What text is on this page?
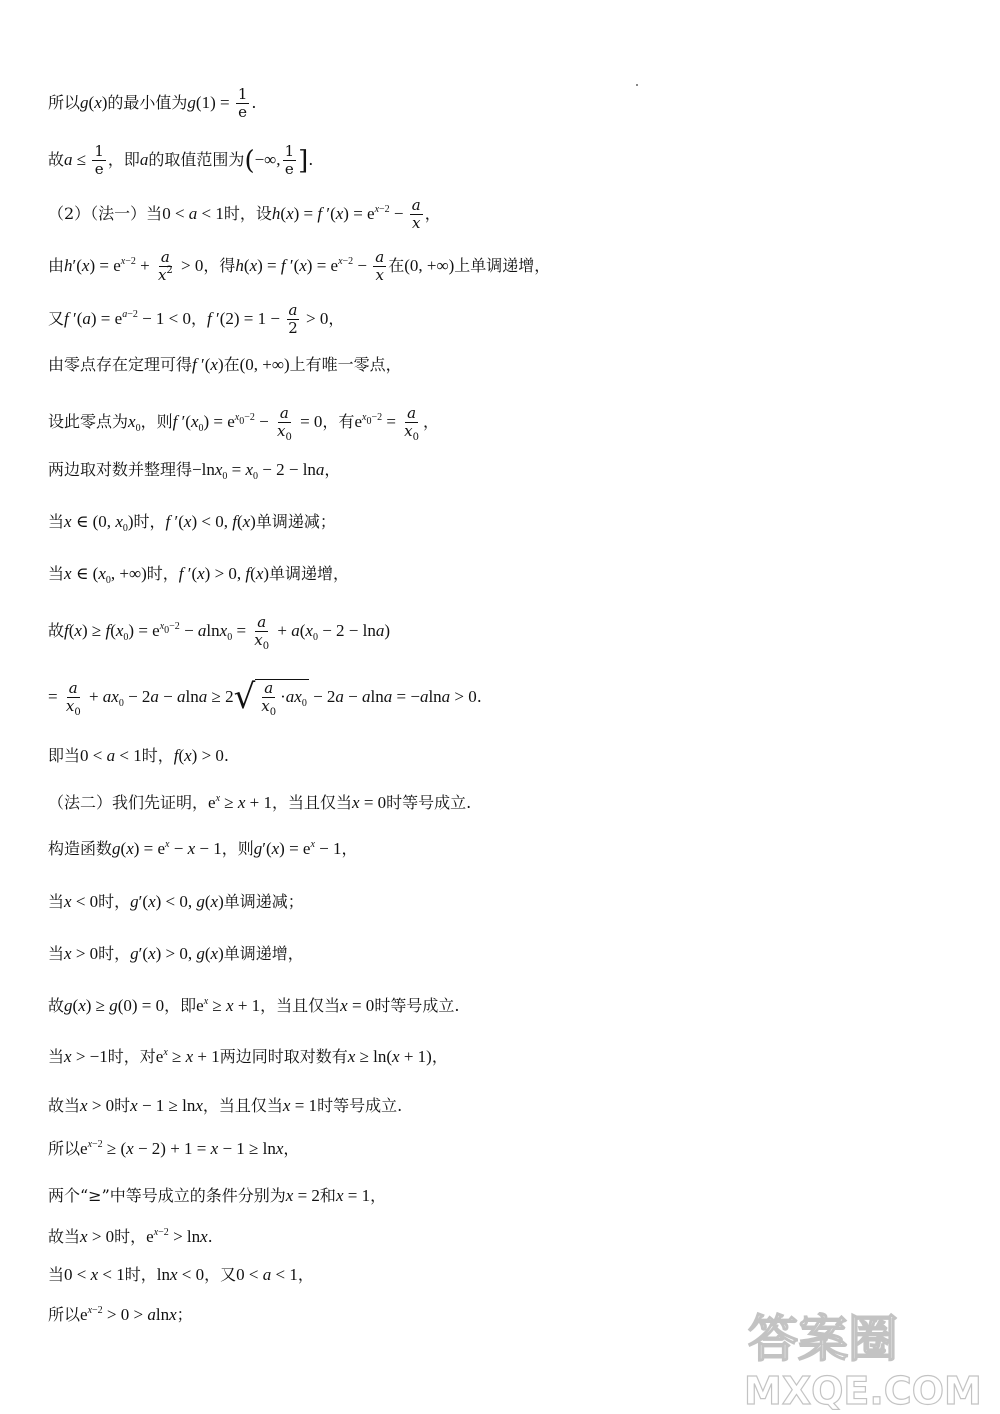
所以g(x)的最小值为$g(1) = \frac{1}{e}$ .
故$a \le \frac{1}{e}$ ，即a的取值范围为(−∞, $\frac{1}{e}$ ].
（2）（法一）当0 < a < 1时，设h(x) = f $'(x) = e^{x-2} - \frac{a}{x}$ ，
由$h'(x) = e^{x-2} + \frac{a}{x^2} > 0$，得h(x) = f $'(x) = e^{x-2} - \frac{a}{x}$ 在(0, +∞)上单调递增，
又f $'(a) = e^{a-2} - 1 < 0$，f $'(2) = 1 - \frac{a}{2} > 0$，
由零点存在定理可得f ′(x)在(0, +∞)上有唯一零点，
设此零点为$x_0$，则f $'(x_0) = e^{x_0-2} - \frac{a}{x_0} = 0$，有$e^{x_0-2} = \frac{a}{x_0}$ ，
两边取对数并整理得$-\ln x_0 = x_0 - 2 - \ln a$，
当x ∈ (0, $x_0$)时，f ′(x) < 0, f(x)单调递减；
当x ∈ ($x_0$, +∞)时，f ′(x) > 0, f(x)单调递增，
故$f(x) \ge f(x_0) = e^{x_0-2} - alnx_0 = \frac{a}{x_0} + a(x_0 - 2 - \ln a)$
= $\frac{a}{x_0} + ax_0 - 2a - alna \ge 2√ \frac{a}{x_0} \cdot ax_0 - 2a - alna = -alna > 0$.
即当0 < a < 1时，f(x) > 0.
（法二）我们先证明，$e^x \ge x + 1$，当且仅当x = 0时等号成立.
构造函数$g(x) = e^x - x - 1$，则$g'(x) = e^x - 1$，
当x < 0时，g′(x) < 0, g(x)单调递减；
当x > 0时，g′(x) > 0, g(x)单调递增，
故g(x) ≥ g(0) = 0，即$e^x \ge x + 1$，当且仅当x = 0时等号成立.
当x > −1时，对$e^x \ge x + 1$两边同时取对数有x ≥ ln(x + 1)，
故当x > 0时x − 1 ≥ lnx，当且仅当x = 1时等号成立.
所以$e^{x-2} \ge (x - 2) + 1 = x - 1 \ge \ln x$，
两个“≥”中等号成立的条件分别为x = 2和x = 1，
故当x > 0时，$e^{x-2} > \ln x$.
当0 < x < 1时，lnx < 0，又0 < a < 1，
所以$e^{x-2} > 0 > alnx$；	答案圈
MXQE.COM
